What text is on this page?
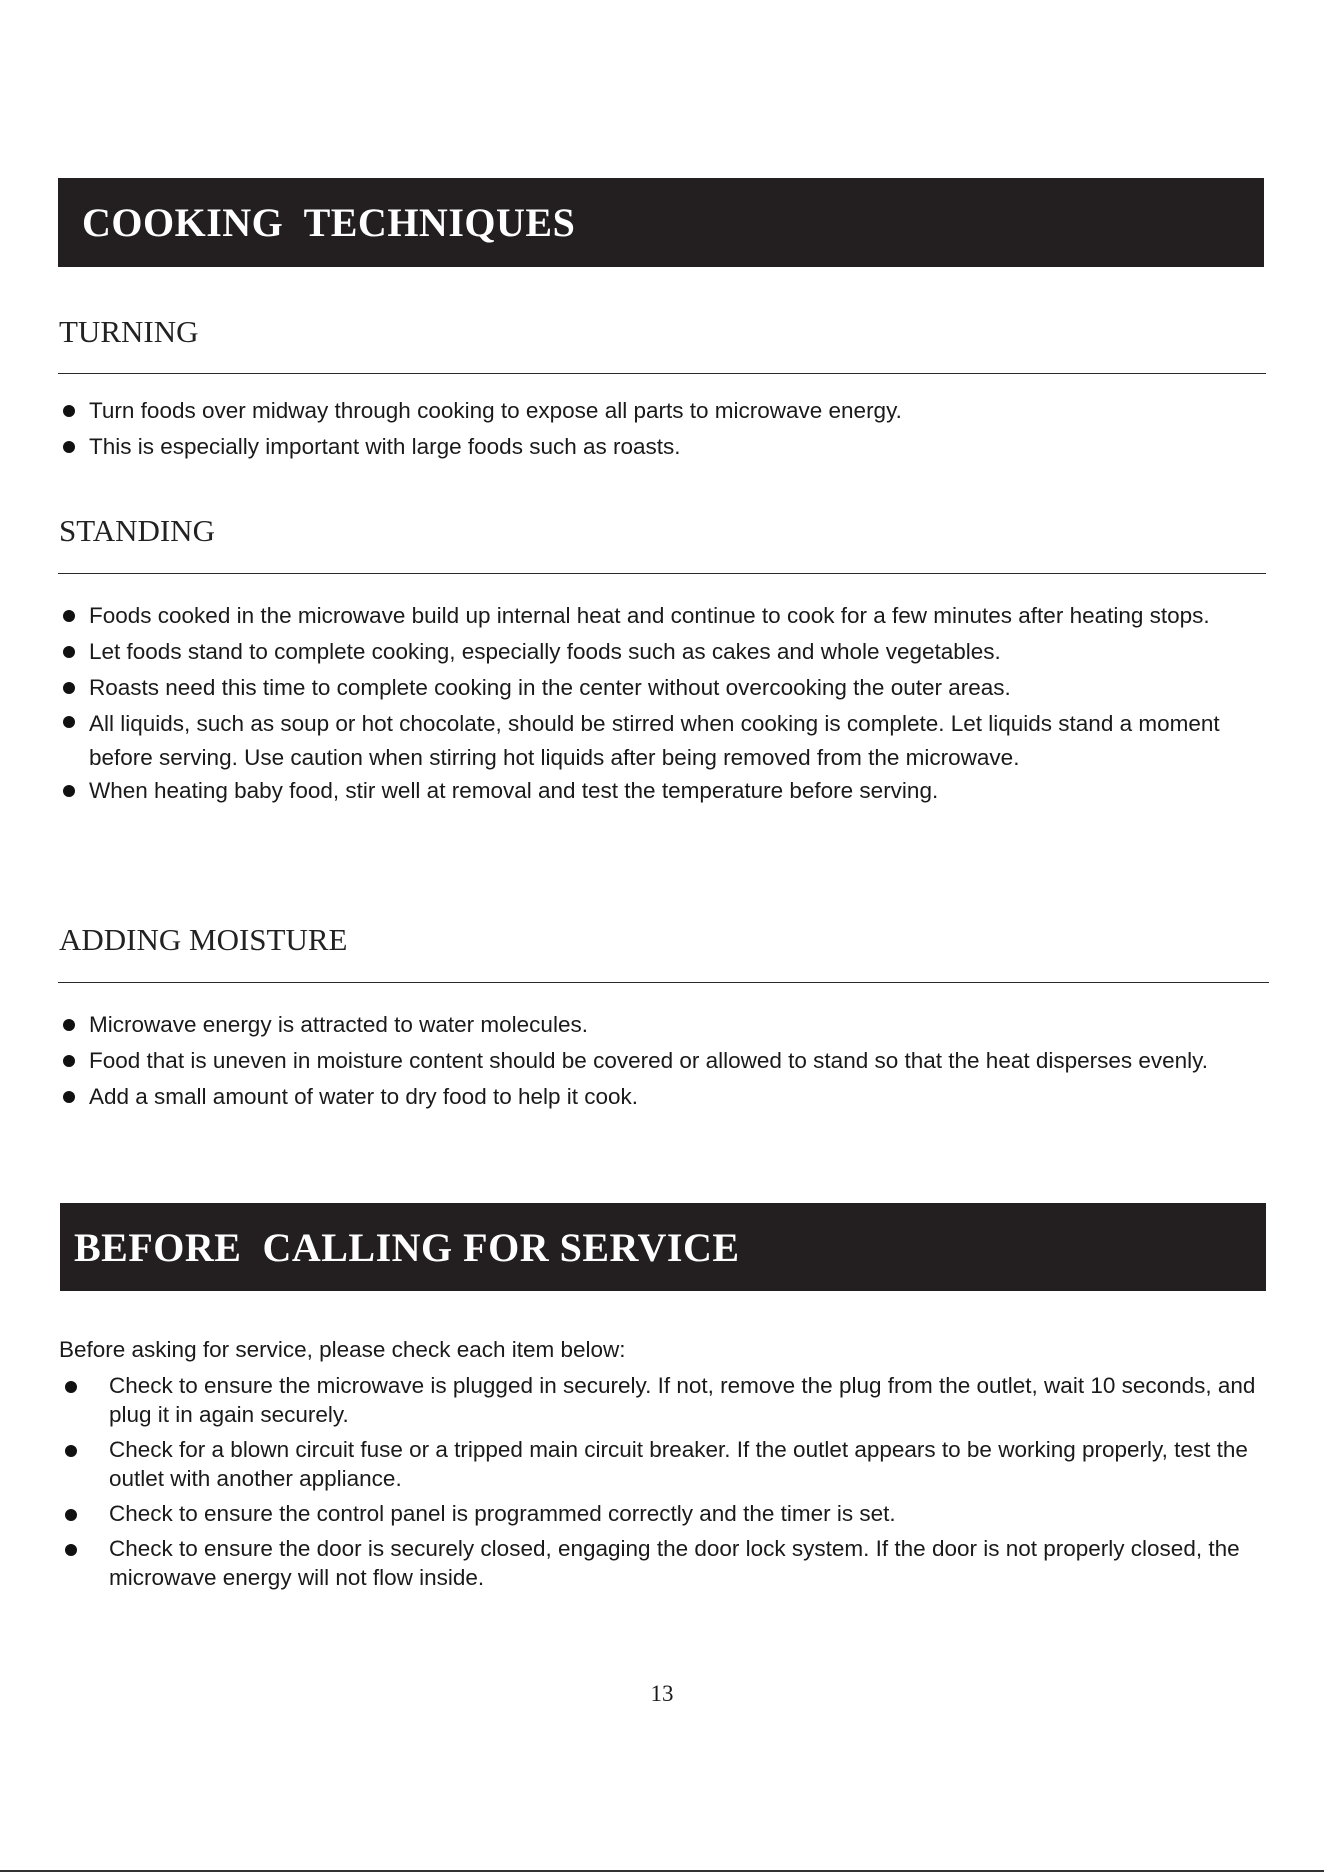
COOKING  TECHNIQUES
TURNING
Turn foods over midway through cooking to expose all parts to microwave energy.
This is especially important with large foods such as roasts.
STANDING
Foods cooked in the microwave build up internal heat and continue to cook for a few minutes after heating stops.
Let foods stand to complete cooking, especially foods such as cakes and whole vegetables.
Roasts need this time to complete cooking in the center without overcooking the outer areas.
All liquids, such as soup or hot chocolate, should be stirred when cooking is complete. Let liquids stand a moment before serving. Use caution when stirring hot liquids after being removed from the microwave.
When heating baby food, stir well at removal and test the temperature before serving.
ADDING MOISTURE
Microwave energy is attracted to water molecules.
Food that is uneven in moisture content should be covered or allowed to stand so that the heat disperses evenly.
Add a small amount of water to dry food to help it cook.
BEFORE  CALLING FOR SERVICE
Before asking for service, please check each item below:
Check to ensure the microwave is plugged in securely. If not, remove the plug from the outlet, wait 10 seconds, and plug it in again securely.
Check for a blown circuit fuse or a tripped main circuit breaker. If the outlet appears to be working properly, test the outlet with another appliance.
Check to ensure the control panel is programmed correctly and the timer is set.
Check to ensure the door is securely closed, engaging the door lock system. If the door is not properly closed, the microwave energy will not flow inside.
13
